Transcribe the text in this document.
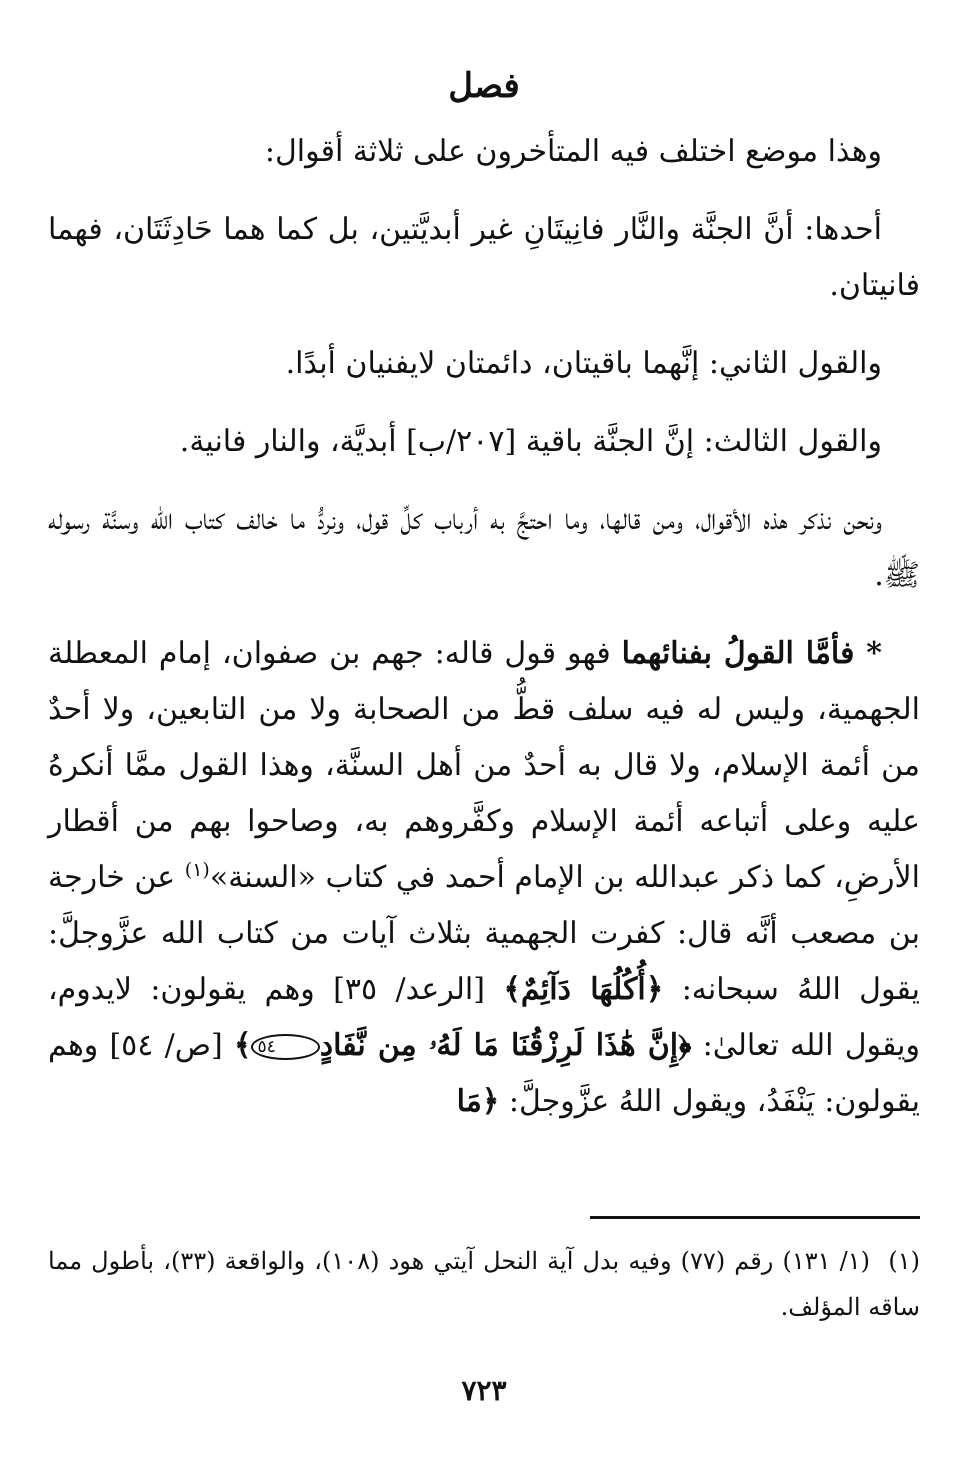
فصل

وهذا موضع اختلف فيه المتأخرون على ثلاثة أقوال:

أحدها: أنَّ الجنَّة والنَّار فانِيتَانِ غير أبديَّتين، بل كما هما حَادِثَتَان، فهما فانيتان.

والقول الثاني: إنَّهما باقيتان، دائمتان لايفنيان أبدًا.

والقول الثالث: إنَّ الجنَّة باقية [٢٠٧/ب] أبديَّة، والنار فانية.

ونحن نذكر هذه الأقوال، ومن قالها، وما احتجَّ به أرباب كلِّ قول، ونردُّ ما خالف كتاب الله وسنَّة رسوله ﷺ.

* فأمَّا القولُ بفنائهما فهو قول قاله: جهم بن صفوان، إمام المعطلة الجهمية، وليس له فيه سلف قطُّ من الصحابة ولا من التابعين، ولا أحدٌ من أئمة الإسلام، ولا قال به أحدٌ من أهل السنَّة، وهذا القول ممَّا أنكرهُ عليه وعلى أتباعه أئمة الإسلام وكفَّروهم به، وصاحوا بهم من أقطار الأرضِ، كما ذكر عبدالله بن الإمام أحمد في كتاب «السنة»$^{(١)}$ عن خارجة بن مصعب أنَّه قال: كفرت الجهمية بثلاث آيات من كتاب الله عزَّوجلَّ: يقول اللهُ سبحانه: ﴿أُكُلُهَا دَآئِمٌ﴾ [الرعد/ ٣٥] وهم يقولون: لايدوم، ويقول الله تعالىٰ: ﴿إِنَّ هَٰذَا لَرِزْقُنَا مَا لَهُۥ مِن نَّفَادٍ٥٤﴾ [ص/ ٥٤] وهم يقولون: يَنْفَدُ، ويقول اللهُ عزَّوجلَّ: ﴿مَا

(١)(١/ ١٣١) رقم (٧٧) وفيه بدل آية النحل آيتي هود (١٠٨)، والواقعة (٣٣)، بأطول مما ساقه المؤلف.
٧٢٣
